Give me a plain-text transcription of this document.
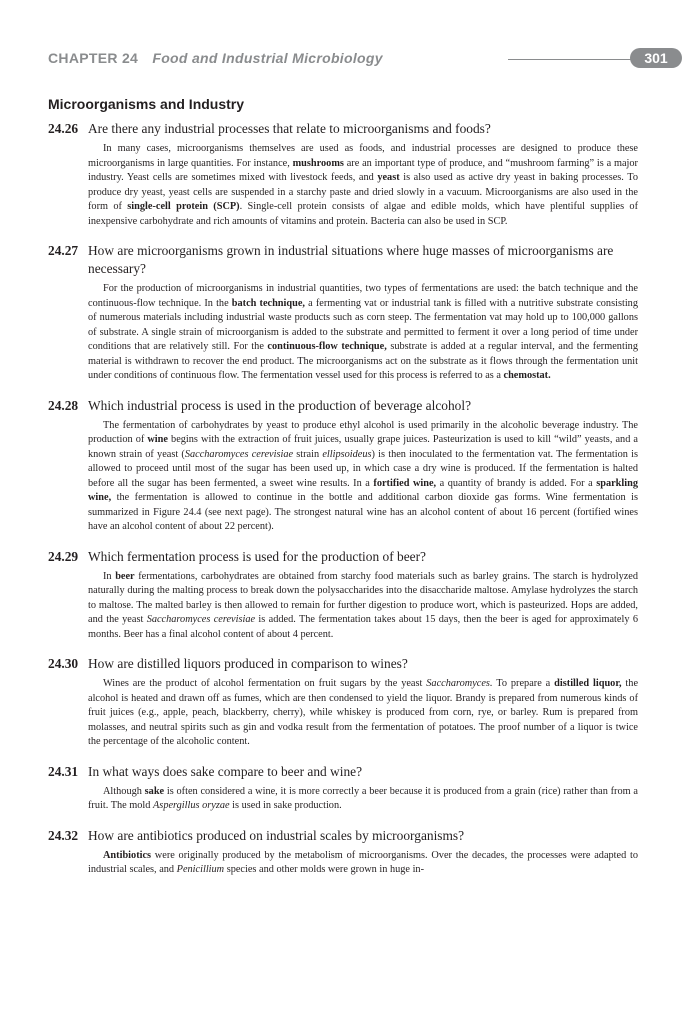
CHAPTER 24 Food and Industrial Microbiology	301
Microorganisms and Industry
24.26 Are there any industrial processes that relate to microorganisms and foods?
In many cases, microorganisms themselves are used as foods, and industrial processes are designed to produce these microorganisms in large quantities. For instance, mushrooms are an important type of produce, and “mushroom farming” is a major industry. Yeast cells are sometimes mixed with livestock feeds, and yeast is also used as active dry yeast in baking processes. To produce dry yeast, yeast cells are suspended in a starchy paste and dried slowly in a vacuum. Microorganisms are also used in the form of single-cell protein (SCP). Single-cell protein consists of algae and edible molds, which have plentiful supplies of inexpensive carbohydrate and rich amounts of vitamins and protein. Bacteria can also be used in SCP.
24.27 How are microorganisms grown in industrial situations where huge masses of microorganisms are necessary?
For the production of microorganisms in industrial quantities, two types of fermentations are used: the batch technique and the continuous-flow technique. In the batch technique, a fermenting vat or industrial tank is filled with a nutritive substrate consisting of numerous materials including industrial waste products such as corn steep. The fermentation vat may hold up to 100,000 gallons of substrate. A single strain of microorganism is added to the substrate and permitted to ferment it over a long period of time under conditions that are relatively still. For the continuous-flow technique, substrate is added at a regular interval, and the fermenting material is withdrawn to recover the end product. The microorganisms act on the substrate as it flows through the fermentation unit under conditions of continuous flow. The fermentation vessel used for this process is referred to as a chemostat.
24.28 Which industrial process is used in the production of beverage alcohol?
The fermentation of carbohydrates by yeast to produce ethyl alcohol is used primarily in the alcoholic beverage industry. The production of wine begins with the extraction of fruit juices, usually grape juices. Pasteurization is used to kill “wild” yeasts, and a known strain of yeast (Saccharomyces cerevisiae strain ellipsoideus) is then inoculated to the fermentation vat. The fermentation is allowed to proceed until most of the sugar has been used up, in which case a dry wine is produced. If the fermentation is halted before all the sugar has been fermented, a sweet wine results. In a fortified wine, a quantity of brandy is added. For a sparkling wine, the fermentation is allowed to continue in the bottle and additional carbon dioxide gas forms. Wine fermentation is summarized in Figure 24.4 (see next page). The strongest natural wine has an alcohol content of about 16 percent (fortified wines have an alcohol content of about 22 percent).
24.29 Which fermentation process is used for the production of beer?
In beer fermentations, carbohydrates are obtained from starchy food materials such as barley grains. The starch is hydrolyzed naturally during the malting process to break down the polysaccharides into the disaccharide maltose. Amylase hydrolyzes the starch to maltose. The malted barley is then allowed to remain for further digestion to produce wort, which is pasteurized. Hops are added, and the yeast Saccharomyces cerevisiae is added. The fermentation takes about 15 days, then the beer is aged for approximately 6 months. Beer has a final alcohol content of about 4 percent.
24.30 How are distilled liquors produced in comparison to wines?
Wines are the product of alcohol fermentation on fruit sugars by the yeast Saccharomyces. To prepare a distilled liquor, the alcohol is heated and drawn off as fumes, which are then condensed to yield the liquor. Brandy is prepared from numerous kinds of fruit juices (e.g., apple, peach, blackberry, cherry), while whiskey is produced from corn, rye, or barley. Rum is prepared from molasses, and neutral spirits such as gin and vodka result from the fermentation of potatoes. The proof number of a liquor is twice the percentage of the alcoholic content.
24.31 In what ways does sake compare to beer and wine?
Although sake is often considered a wine, it is more correctly a beer because it is produced from a grain (rice) rather than from a fruit. The mold Aspergillus oryzae is used in sake production.
24.32 How are antibiotics produced on industrial scales by microorganisms?
Antibiotics were originally produced by the metabolism of microorganisms. Over the decades, the processes were adapted to industrial scales, and Penicillium species and other molds were grown in huge in-
